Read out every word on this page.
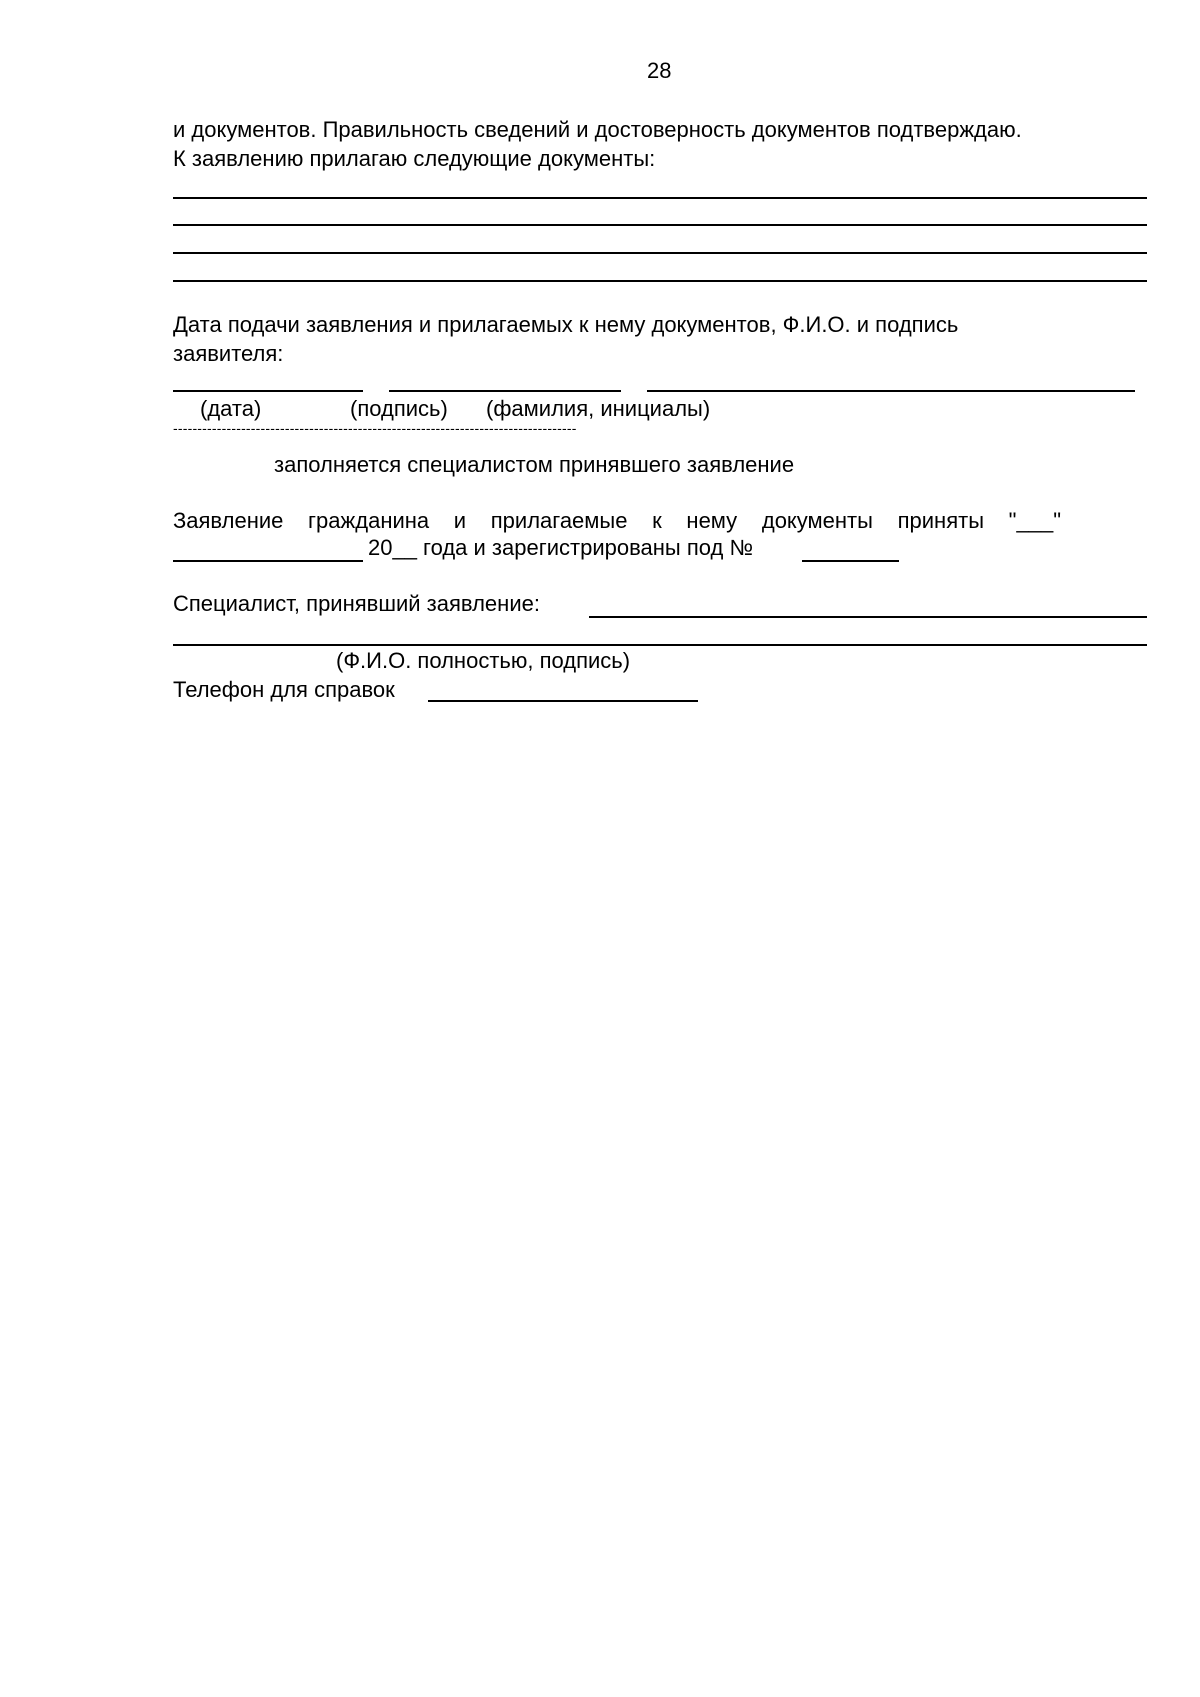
28
и документов. Правильность сведений и достоверность документов подтверждаю.
К заявлению прилагаю следующие документы:
Дата подачи заявления и прилагаемых к нему документов, Ф.И.О. и подпись
заявителя:
(дата)	(подпись) (фамилия, инициалы)
-----------------------------------------------------------------------------------
заполняется специалистом принявшего заявление
Заявление гражданина и прилагаемые к нему документы приняты "___"
20__ года и зарегистрированы под №
Специалист, принявший заявление:
(Ф.И.О. полностью, подпись)
Телефон для справок
